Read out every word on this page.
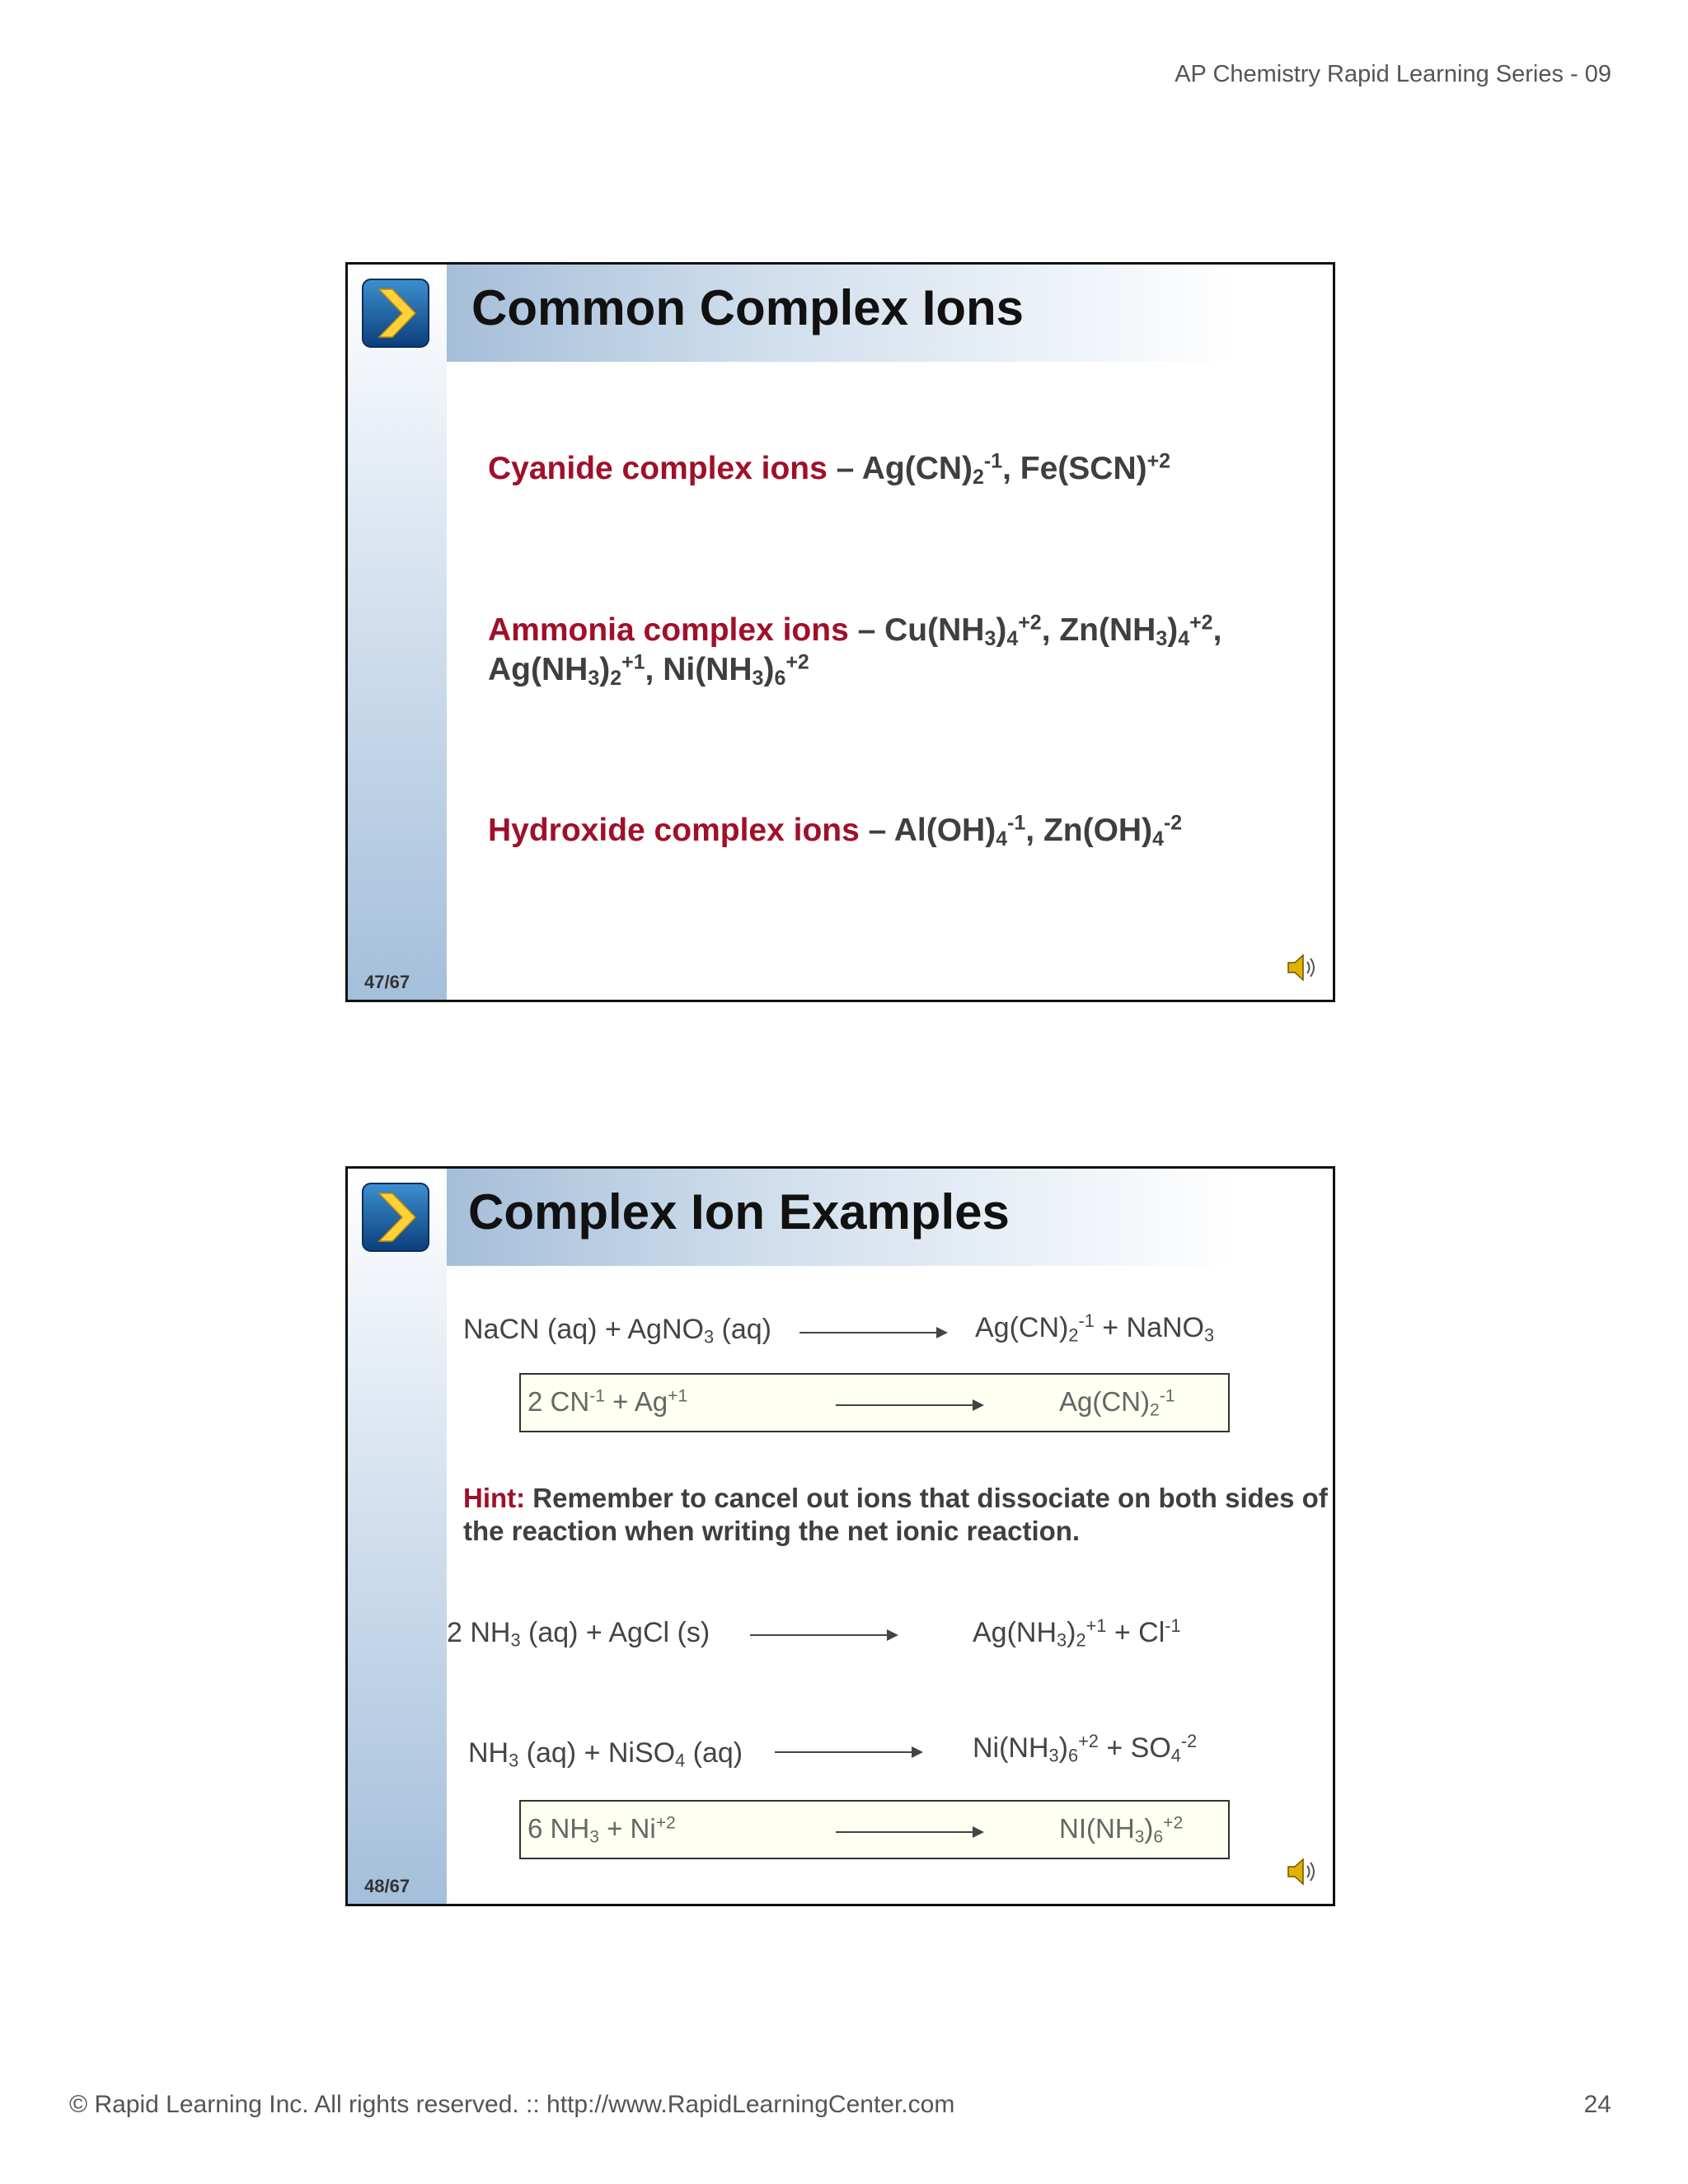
AP Chemistry Rapid Learning Series - 09
Common Complex Ions
Cyanide complex ions – $Ag(CN)_2^{-1}$, Fe(SCN)$^{+2}$
Ammonia complex ions – $Cu(NH_3)_4^{+2}$, $Zn(NH_3)_4^{+2}$,
$Ag(NH_3)_2^{+1}$, $Ni(NH_3)_6^{+2}$
Hydroxide complex ions – $Al(OH)_4^{-1}$, $Zn(OH)_4^{-2}$
47/67
Complex Ion Examples
NaCN (aq) + AgNO$_3$ (aq)	$Ag(CN)_2^{-1}$ + NaNO$_3$
2 $CN^{-1} + Ag^{+1}$	$Ag(CN)_2^{-1}$
Hint: Remember to cancel out ions that dissociate on both sides of the reaction when writing the net ionic reaction.
2 $NH_3$ (aq) + AgCl (s)	$Ag(NH_3)_2^{+1} + Cl^{-1}$
$NH_3$ (aq) + NiSO$_4$ (aq)	$Ni(NH_3)_6^{+2} + SO_4^{-2}$
6 $NH_3 + Ni^{+2}$	$NI(NH_3)_6^{+2}$
48/67
© Rapid Learning Inc. All rights reserved. :: http://www.RapidLearningCenter.com	24
